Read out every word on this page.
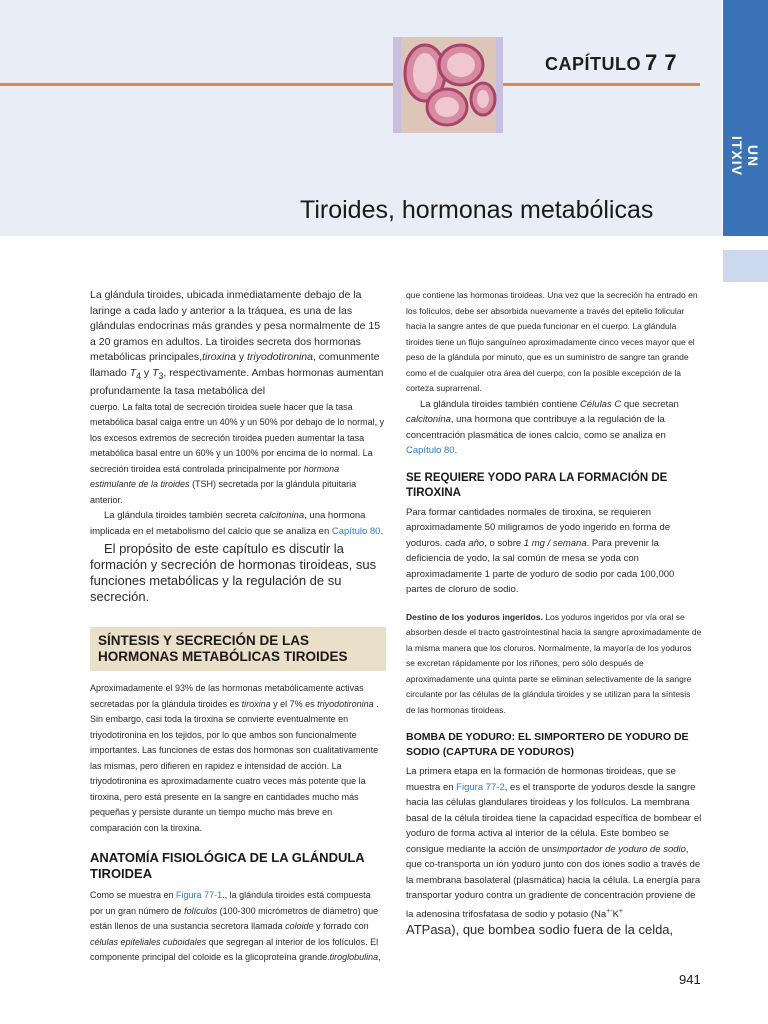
CAPÍTULO 7 7
Tiroides, hormonas metabólicas
UN ITXIV

La glándula tiroides, ubicada inmediatamente debajo de la laringe a cada lado y anterior a la tráquea, es una de las glándulas endocrinas más grandes y pesa normalmente de 15 a 20 gramos en adultos. La tiroides secreta dos hormonas metabólicas principales,tiroxina y triyodotironina, comunmente llamado $T_4$ y $T_3$, respectivamente. Ambas hormonas aumentan profundamente la tasa metabólica del

cuerpo. La falta total de secreción tiroidea suele hacer que la tasa metabólica basal caiga entre un 40% y un 50% por debajo de lo normal, y los excesos extremos de secreción tiroidea pueden aumentar la tasa metabólica basal entre un 60% y un 100% por encima de lo normal. La secreción tiroidea está controlada principalmente por hormona estimulante de la tiroides (TSH) secretada por la glándula pituitaria anterior.

La glándula tiroides también secreta calcitonina, una hormona implicada en el metabolismo del calcio que se analiza en Capítulo 80.

El propósito de este capítulo es discutir la formación y secreción de hormonas tiroideas, sus funciones metabólicas y la regulación de su secreción.

SÍNTESIS Y SECRECIÓN DE LAS HORMONAS METABÓLICAS TIROIDES

Aproximadamente el 93% de las hormonas metabólicamente activas secretadas por la glándula tiroides es tiroxina y el 7% es triyodotironina . Sin embargo, casi toda la tiroxina se convierte eventualmente en triyodotironina en los tejidos, por lo que ambos son funcionalmente importantes. Las funciones de estas dos hormonas son cualitativamente las mismas, pero difieren en rapidez e intensidad de acción. La triyodotironina es aproximadamente cuatro veces más potente que la tiroxina, pero está presente en la sangre en cantidades mucho más pequeñas y persiste durante un tiempo mucho más breve en comparación con la tiroxina.

ANATOMÍA FISIOLÓGICA DE LA GLÁNDULA TIROIDEA

Como se muestra en Figura 77-1., la glándula tiroides está compuesta por un gran número de folículos (100-300 micrómetros de diámetro) que están llenos de una sustancia secretora llamada coloide y forrado con células epiteliales cuboidales que segregan al interior de los folículos. El componente principal del coloide es la glicoproteína grande.tiroglobulina,

que contiene las hormonas tiroideas. Una vez que la secreción ha entrado en los folículos, debe ser absorbida nuevamente a través del epitelio folicular hacia la sangre antes de que pueda funcionar en el cuerpo. La glándula tiroides tiene un flujo sanguíneo aproximadamente cinco veces mayor que el peso de la glándula por minuto, que es un suministro de sangre tan grande como el de cualquier otra área del cuerpo, con la posible excepción de la corteza suprarrenal.

La glándula tiroides también contiene Células C que secretan calcitonina, una hormona que contribuye a la regulación de la concentración plasmática de iones calcio, como se analiza en Capítulo 80.

SE REQUIERE YODO PARA LA FORMACIÓN DE TIROXINA

Para formar cantidades normales de tiroxina, se requieren aproximadamente 50 miligramos de yodo ingerido en forma de yoduros. cada año, o sobre 1 mg / semana. Para prevenir la deficiencia de yodo, la sal común de mesa se yoda con aproximadamente 1 parte de yoduro de sodio por cada 100,000 partes de cloruro de sodio.

Destino de los yoduros ingeridos. Los yoduros ingeridos por vía oral se absorben desde el tracto gastrointestinal hacia la sangre aproximadamente de la misma manera que los cloruros. Normalmente, la mayoría de los yoduros se excretan rápidamente por los riñones, pero sólo después de aproximadamente una quinta parte se eliminan selectivamente de la sangre circulante por las células de la glándula tiroides y se utilizan para la síntesis de las hormonas tiroideas.

BOMBA DE YODURO: EL SIMPORTERO DE YODURO DE SODIO (CAPTURA DE YODUROS)

La primera etapa en la formación de hormonas tiroideas, que se muestra en Figura 77-2, es el transporte de yoduros desde la sangre hacia las células glandulares tiroideas y los folículos. La membrana basal de la célula tiroidea tiene la capacidad específica de bombear el yoduro de forma activa al interior de la célula. Este bombeo se consigue mediante la acción de unsimportador de yoduro de sodio, que co-transporta un ión yoduro junto con dos iones sodio a través de la membrana basolateral (plasmática) hacia la célula. La energía para transportar yoduro contra un gradiente de concentración proviene de la adenosina trifosfatasa de sodio y potasio (Na+-K+

ATPasa), que bombea sodio fuera de la celda,

941
